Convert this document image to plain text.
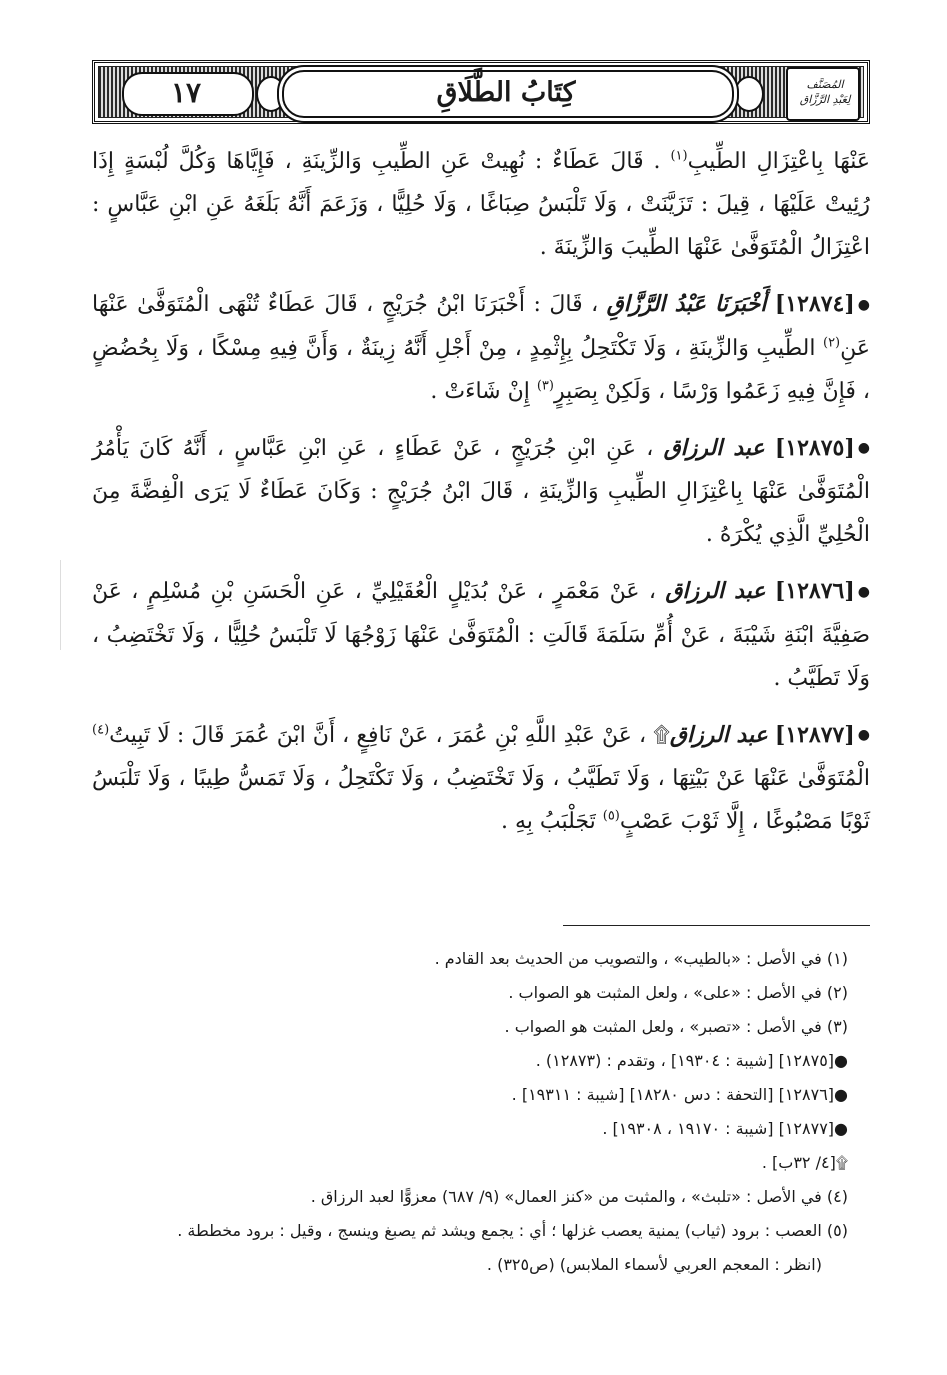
كِتَابُ الطَّلَاقِ
١٧	المُصَنَّف
لِعَبْدِ الرَّزَّاق

عَنْهَا بِاعْتِزَالِ الطِّيبِ$^{(١)}$ . قَالَ عَطَاءٌ : نُهِيتْ عَنِ الطِّيبِ وَالزِّينَةِ ، فَإِيَّاهَا وَكُلَّ لُبْسَةٍ إِذَا رُئِيتْ عَلَيْهَا ، قِيلَ : تَزَيَّنَتْ ، وَلَا تَلْبَسُ صِبَاغًا ، وَلَا حُلِيًّا ، وَزَعَمَ أَنَّهُ بَلَغَهُ عَنِ ابْنِ عَبَّاسٍ : اعْتِزَالُ الْمُتَوَفَّىٰ عَنْهَا الطِّيبَ وَالزِّينَةَ .

●[١٢٨٧٤] أَخْبَرَنَا عَبْدُ الرَّزَّاقِ ، قَالَ : أَخْبَرَنَا ابْنُ جُرَيْجٍ ، قَالَ عَطَاءٌ تُنْهَى الْمُتَوَفَّىٰ عَنْهَا عَنِ$^{(٢)}$ الطِّيبِ وَالزِّينَةِ ، وَلَا تَكْتَحِلُ بِإِثْمِدٍ ، مِنْ أَجْلِ أَنَّهُ زِينَةٌ ، وَأَنَّ فِيهِ مِسْكًا ، وَلَا بِحُضُضٍ ، فَإِنَّ فِيهِ زَعَمُوا وَرْسًا ، وَلَكِنْ بِصَبِرٍ$^{(٣)}$ إِنْ شَاءَتْ .

●[١٢٨٧٥] عبد الرزاق ، عَنِ ابْنِ جُرَيْجٍ ، عَنْ عَطَاءٍ ، عَنِ ابْنِ عَبَّاسٍ ، أَنَّهُ كَانَ يَأْمُرُ الْمُتَوَفَّىٰ عَنْهَا بِاعْتِزَالِ الطِّيبِ وَالزِّينَةِ ، قَالَ ابْنُ جُرَيْجٍ : وَكَانَ عَطَاءٌ لَا يَرَى الْفِضَّةَ مِنَ الْحُلِيِّ الَّذِي يُكْرَهُ .

●[١٢٨٧٦] عبد الرزاق ، عَنْ مَعْمَرٍ ، عَنْ بُدَيْلٍ الْعُقَيْلِيِّ ، عَنِ الْحَسَنِ بْنِ مُسْلِمٍ ، عَنْ صَفِيَّةَ ابْنَةِ شَيْبَةَ ، عَنْ أُمِّ سَلَمَةَ قَالَتِ : الْمُتَوَفَّىٰ عَنْهَا زَوْجُهَا لَا تَلْبَسُ حُلِيًّا ، وَلَا تَخْتَضِبُ ، وَلَا تَطَيَّبُ .

●[١٢٨٧٧] عبد الرزاق۩ ، عَنْ عَبْدِ اللَّهِ بْنِ عُمَرَ ، عَنْ نَافِعٍ ، أَنَّ ابْنَ عُمَرَ قَالَ : لَا تَبِيتُ$^{(٤)}$ الْمُتَوَفَّىٰ عَنْهَا عَنْ بَيْتِهَا ، وَلَا تَطَيَّبُ ، وَلَا تَخْتَضِبُ ، وَلَا تَكْتَحِلُ ، وَلَا تَمَسُّ طِيبًا ، وَلَا تَلْبَسُ ثَوْبًا مَصْبُوغًا ، إِلَّا ثَوْبَ عَصْبٍ$^{(٥)}$ تَجَلْبَبُ بِهِ .

(١) في الأصل : «بالطيب» ، والتصويب من الحديث بعد القادم .

(٢) في الأصل : «على» ، ولعل المثبت هو الصواب .

(٣) في الأصل : «تصبر» ، ولعل المثبت هو الصواب .

●[١٢٨٧٥] [شيبة : ١٩٣٠٤] ، وتقدم : (١٢٨٧٣) .

●[١٢٨٧٦] [التحفة : دس ١٨٢٨٠] [شيبة : ١٩٣١١] .

●[١٢٨٧٧] [شيبة : ١٩١٧٠ ، ١٩٣٠٨] .

۩[٤/ ٣٢ب] .

(٤) في الأصل : «تلبث» ، والمثبت من «كنز العمال» (٩/ ٦٨٧) معزوًّا لعبد الرزاق .

(٥) العصب : برود (ثياب) يمنية يعصب غزلها ؛ أي : يجمع ويشد ثم يصبغ وينسج ، وقيل : برود مخططة .

(انظر : المعجم العربي لأسماء الملابس) (ص٣٢٥) .
